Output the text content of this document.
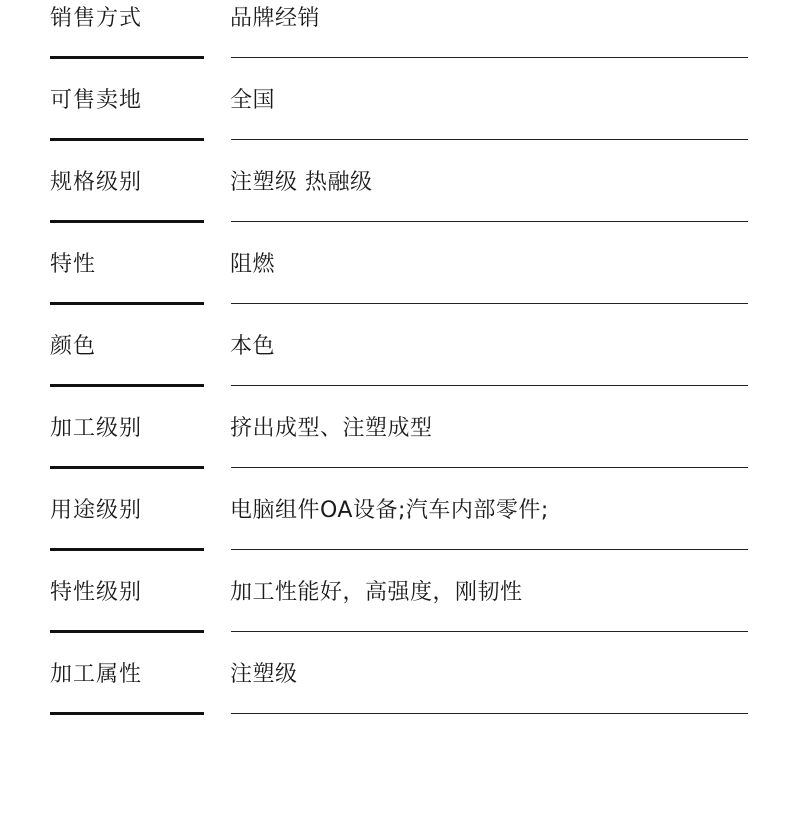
销售方式	品牌经销
可售卖地	全国
规格级别	注塑级 热融级
特性	阻燃
颜色	本色
加工级别	挤出成型、注塑成型
用途级别	电脑组件OA设备;汽车内部零件;
特性级别	加工性能好，高强度，刚韧性
加工属性	注塑级
